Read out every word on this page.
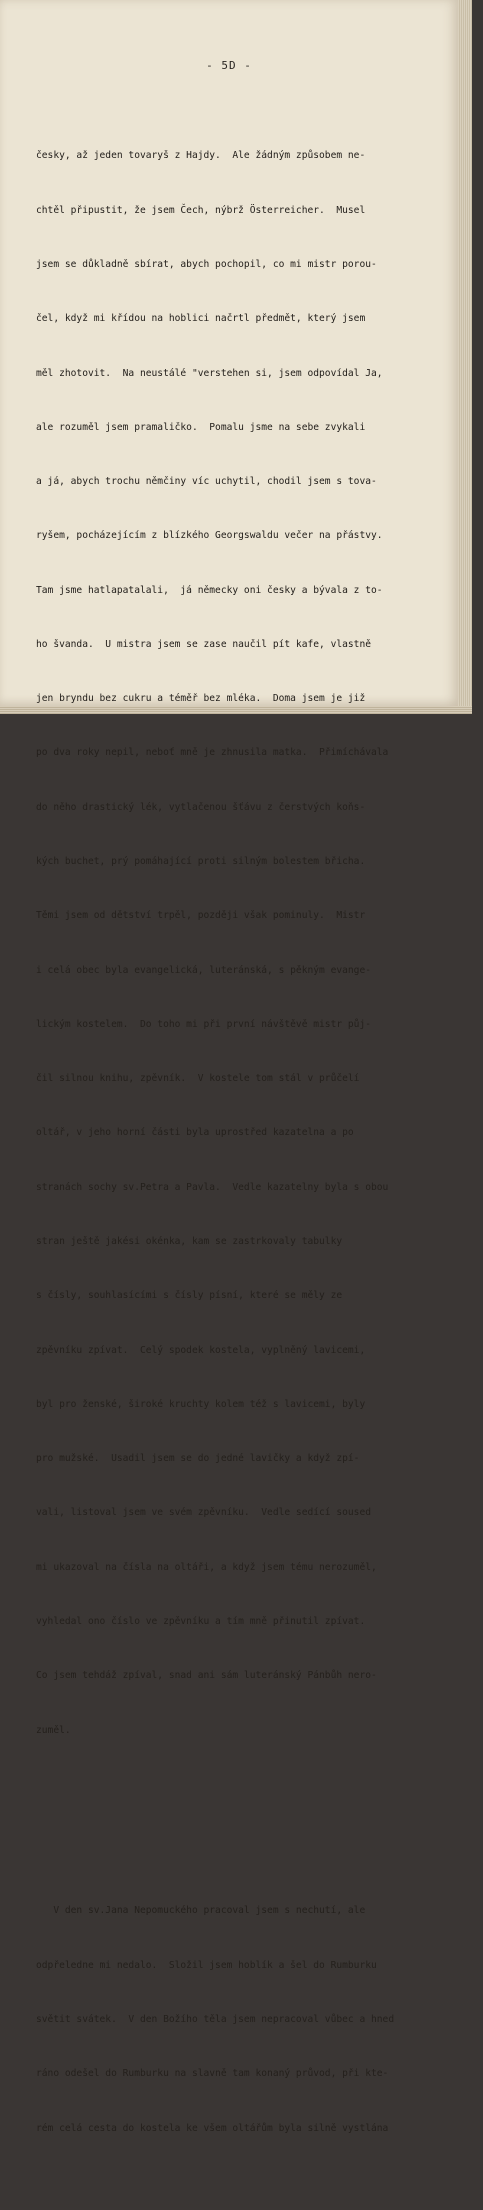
- 5D -

česky, až jeden tovaryš z Hajdy.  Ale žádným způsobem ne-

chtěl připustit, že jsem Čech, nýbrž Österreicher.  Musel

jsem se důkladně sbírat, abych pochopil, co mi mistr porou-

čel, když mi křídou na hoblici načrtl předmět, který jsem

měl zhotovit.  Na neustálé "verstehen si, jsem odpovídal Ja,

ale rozuměl jsem pramaličko.  Pomalu jsme na sebe zvykali

a já, abych trochu němčiny víc uchytil, chodil jsem s tova-

ryšem, pocházejícím z blízkého Georgswaldu večer na přástvy.

Tam jsme hatlapatalali,  já německy oni česky a bývala z to-

ho švanda.  U mistra jsem se zase naučil pít kafe, vlastně

jen bryndu bez cukru a téměř bez mléka.  Doma jsem je již

po dva roky nepil, neboť mně je zhnusila matka.  Přimíchávala

do něho drastický lék, vytlačenou šťávu z čerstvých koňs-

kých buchet, prý pomáhající proti silným bolestem břicha.

Těmi jsem od dětství trpěl, později však pominuly.  Mistr

i celá obec byla evangelická, luteránská, s pěkným evange-

lickým kostelem.  Do toho mi při první návštěvě mistr půj-

čil silnou knihu, zpěvník.  V kostele tom stál v průčelí

oltář, v jeho horní části byla uprostřed kazatelna a po

stranách sochy sv.Petra a Pavla.  Vedle kazatelny byla s obou

stran ještě jakési okénka, kam se zastrkovaly tabulky

s čísly, souhlasícími s čísly písní, které se měly ze

zpěvníku zpívat.  Celý spodek kostela, vyplněný lavicemi,

byl pro ženské, široké kruchty kolem též s lavicemi, byly

pro mužské.  Usadil jsem se do jedné lavičky a když zpí-

vali, listoval jsem ve svém zpěvníku.  Vedle sedící soused

mi ukazoval na čísla na oltáři, a když jsem tému nerozuměl,

vyhledal ono číslo ve zpěvníku a tím mně přinutil zpívat.

Co jsem tehdáž zpíval, snad ani sám luteránský Pánbůh nero-

zuměl.

V den sv.Jana Nepomuckého pracoval jsem s nechutí, ale

odpřeledne mi nedalo.  Složil jsem hoblík a šel do Rumburku

světit svátek.  V den Božího těla jsem nepracoval vůbec a hned

ráno odešel do Rumburku na slavně tam konaný průvod, při kte-

rém celá cesta do kostela ke všem oltářům byla silně vystlána
